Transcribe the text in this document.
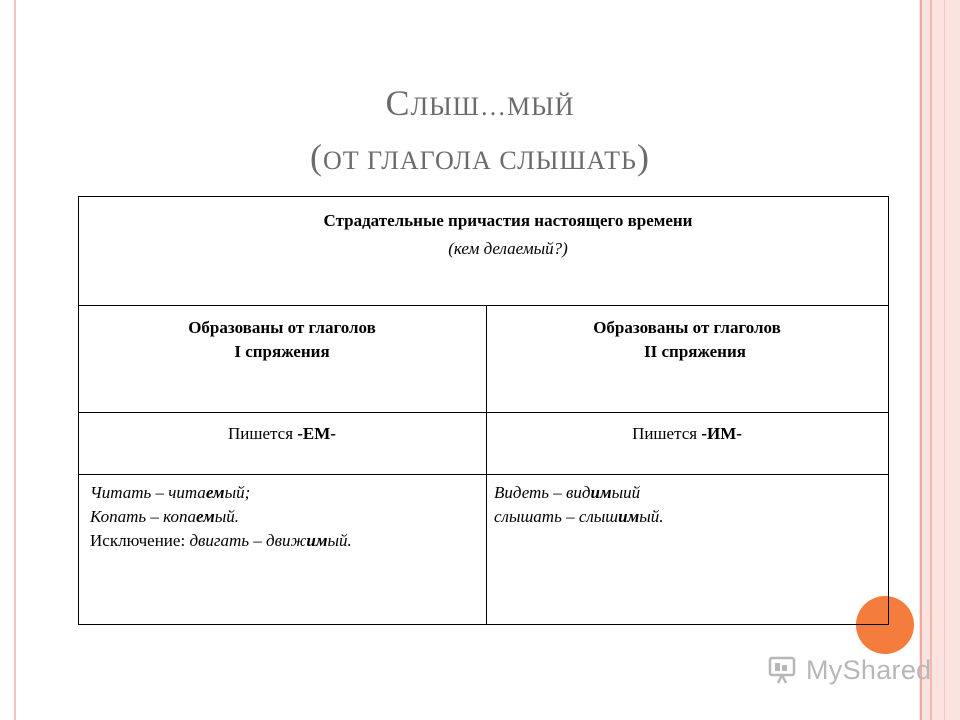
СЛЫШ…МЫЙ
(ОТ ГЛАГОЛА СЛЫШАТЬ)
Страдательные причастия настоящего времени
(кем делаемый?)
Образованы от глаголов
I спряжения
Образованы от глаголов
II спряжения
Пишется -ЕМ-	Пишется -ИМ-
Читать – читаемый;
Копать – копаемый.
Исключение: двигать – движимый.
Видеть – видимыий
слышать – слышимый.
MyShared
